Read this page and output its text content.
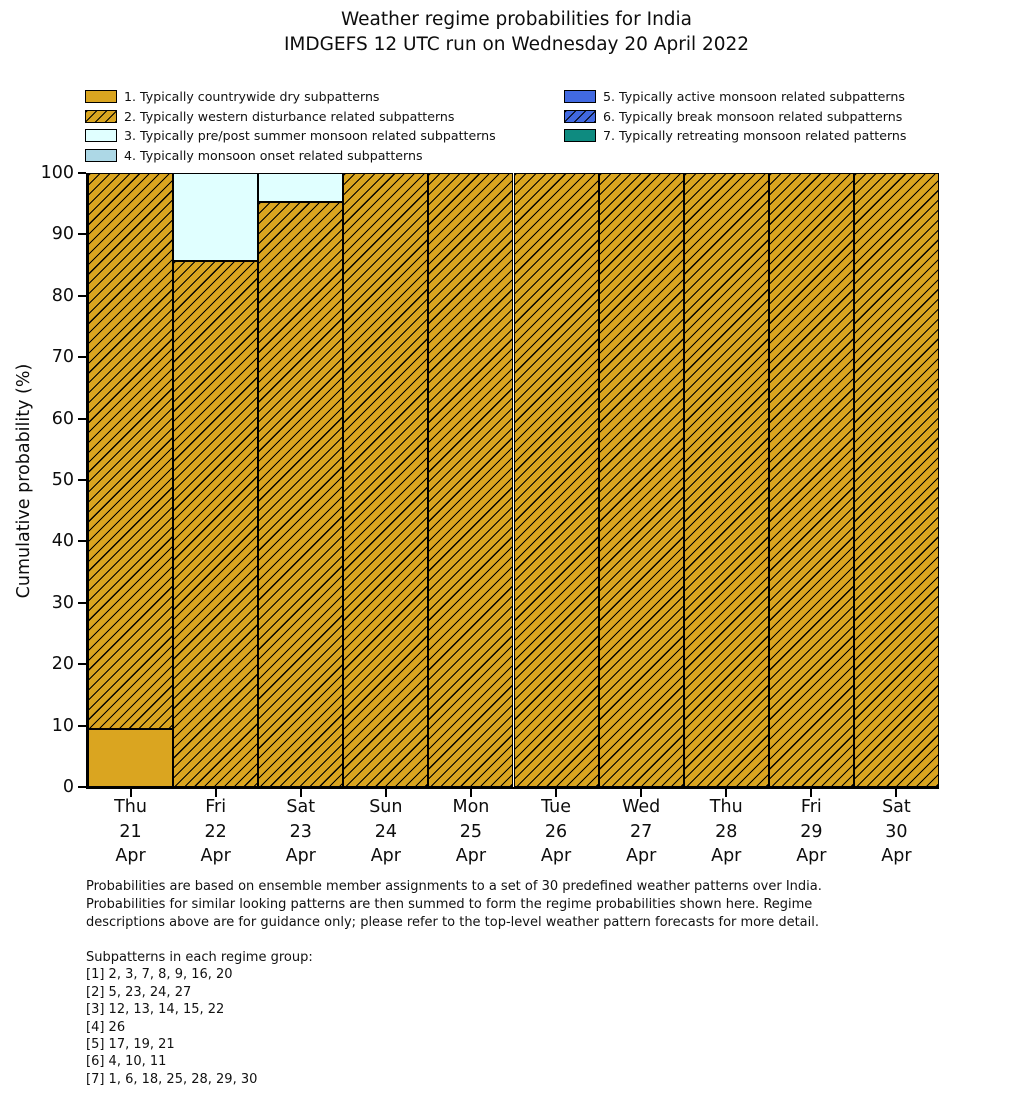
Weather regime probabilities for India
IMDGEFS 12 UTC run on Wednesday 20 April 2022
1. Typically countrywide dry subpatterns
2. Typically western disturbance related subpatterns
3. Typically pre/post summer monsoon related subpatterns
4. Typically monsoon onset related subpatterns
5. Typically active monsoon related subpatterns
6. Typically break monsoon related subpatterns
7. Typically retreating monsoon related patterns
Cumulative probability (%)
0
10
20
30
40
50
60
70
80
90
100
Thu
21
Apr
Fri
22
Apr
Sat
23
Apr
Sun
24
Apr
Mon
25
Apr
Tue
26
Apr
Wed
27
Apr
Thu
28
Apr
Fri
29
Apr
Sat
30
Apr
Probabilities are based on ensemble member assignments to a set of 30 predefined weather patterns over India.
Probabilities for similar looking patterns are then summed to form the regime probabilities shown here. Regime
descriptions above are for guidance only; please refer to the top-level weather pattern forecasts for more detail.
Subpatterns in each regime group:
[1] 2, 3, 7, 8, 9, 16, 20
[2] 5, 23, 24, 27
[3] 12, 13, 14, 15, 22
[4] 26
[5] 17, 19, 21
[6] 4, 10, 11
[7] 1, 6, 18, 25, 28, 29, 30
